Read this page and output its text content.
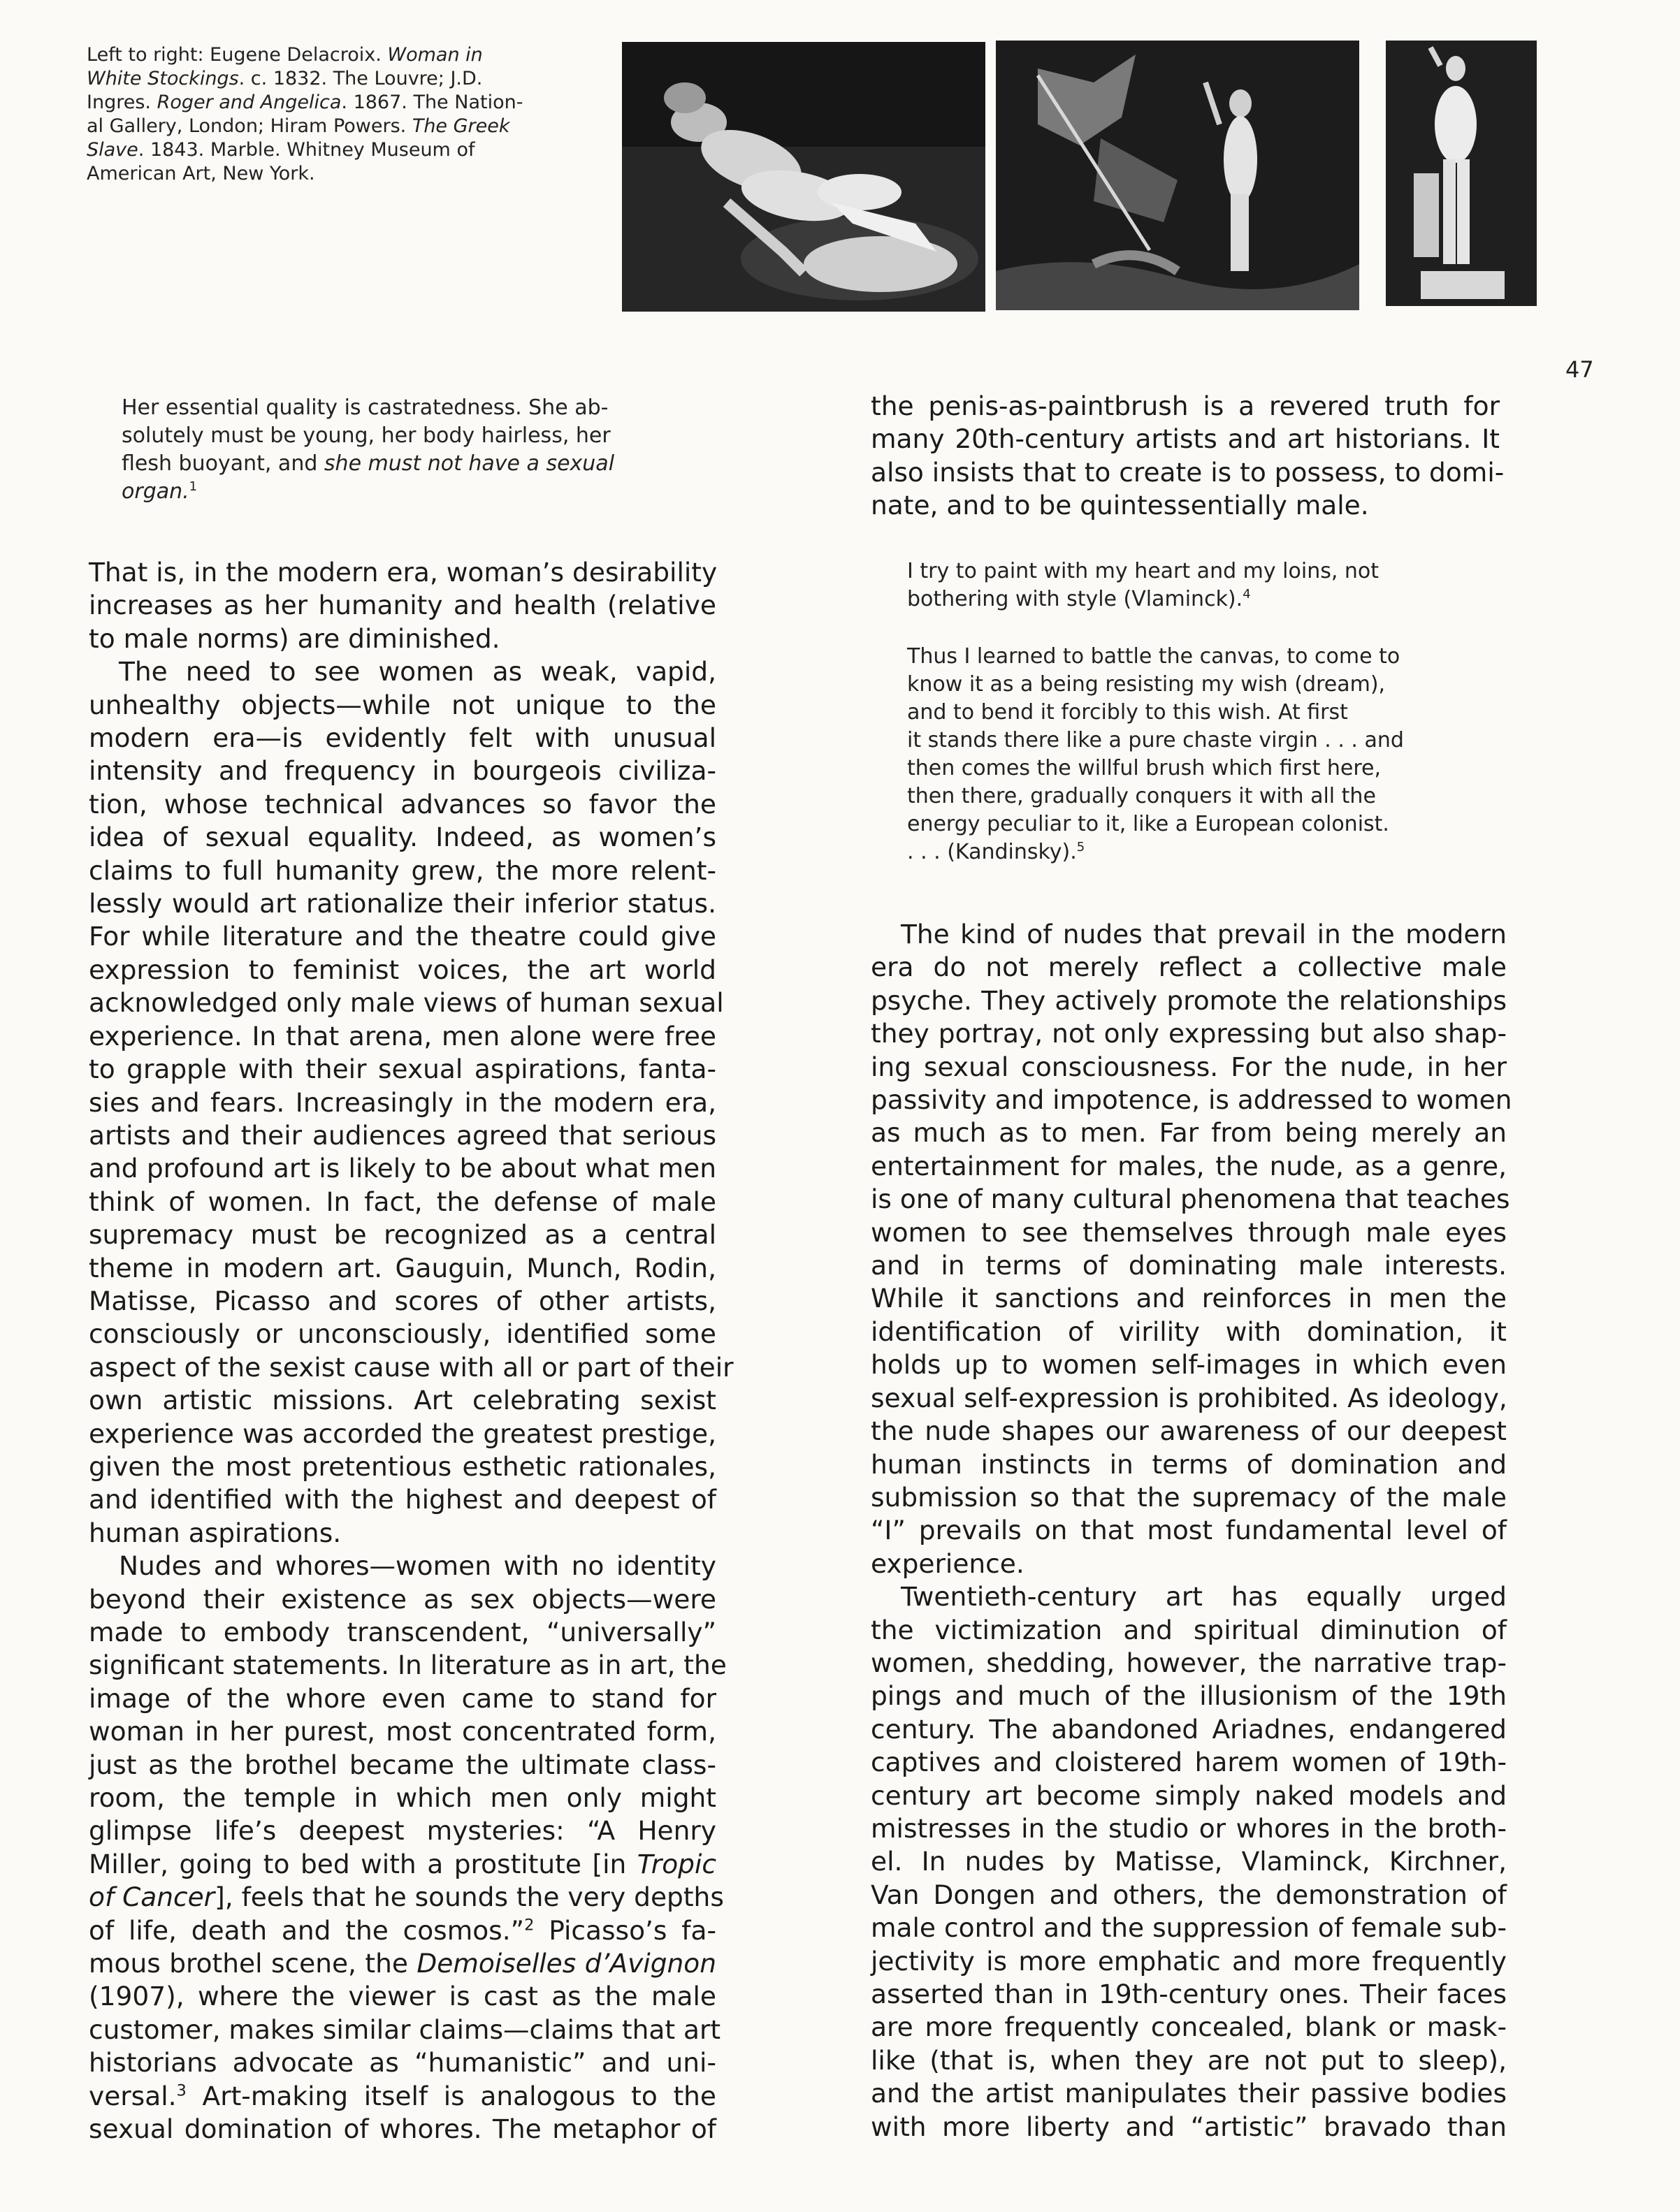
Left to right: Eugene Delacroix. Woman in
White Stockings. c. 1832. The Louvre; J.D.
Ingres. Roger and Angelica. 1867. The Nation-
al Gallery, London; Hiram Powers. The Greek
Slave. 1843. Marble. Whitney Museum of
American Art, New York.
47
Her essential quality is castratedness. She ab-
solutely must be young, her body hairless, her
flesh buoyant, and she must not have a sexual
organ.$^1$
That is, in the modern era, woman’s desirability
increases as her humanity and health (relative
to male norms) are diminished.
The need to see women as weak, vapid,
unhealthy objects—while not unique to the
modern era—is evidently felt with unusual
intensity and frequency in bourgeois civiliza-
tion, whose technical advances so favor the
idea of sexual equality. Indeed, as women’s
claims to full humanity grew, the more relent-
lessly would art rationalize their inferior status.
For while literature and the theatre could give
expression to feminist voices, the art world
acknowledged only male views of human sexual
experience. In that arena, men alone were free
to grapple with their sexual aspirations, fanta-
sies and fears. Increasingly in the modern era,
artists and their audiences agreed that serious
and profound art is likely to be about what men
think of women. In fact, the defense of male
supremacy must be recognized as a central
theme in modern art. Gauguin, Munch, Rodin,
Matisse, Picasso and scores of other artists,
consciously or unconsciously, identified some
aspect of the sexist cause with all or part of their
own artistic missions. Art celebrating sexist
experience was accorded the greatest prestige,
given the most pretentious esthetic rationales,
and identified with the highest and deepest of
human aspirations.
Nudes and whores—women with no identity
beyond their existence as sex objects—were
made to embody transcendent, “universally”
significant statements. In literature as in art, the
image of the whore even came to stand for
woman in her purest, most concentrated form,
just as the brothel became the ultimate class-
room, the temple in which men only might
glimpse life’s deepest mysteries: “A Henry
Miller, going to bed with a prostitute [in Tropic
of Cancer], feels that he sounds the very depths
of life, death and the cosmos.”$^2$ Picasso’s fa-
mous brothel scene, the Demoiselles d’Avignon
(1907), where the viewer is cast as the male
customer, makes similar claims—claims that art
historians advocate as “humanistic” and uni-
versal.$^3$ Art-making itself is analogous to the
sexual domination of whores. The metaphor of
the penis-as-paintbrush is a revered truth for
many 20th-century artists and art historians. It
also insists that to create is to possess, to domi-
nate, and to be quintessentially male.
I try to paint with my heart and my loins, not
bothering with style (Vlaminck).$^4$
Thus I learned to battle the canvas, to come to
know it as a being resisting my wish (dream),
and to bend it forcibly to this wish. At first
it stands there like a pure chaste virgin . . . and
then comes the willful brush which first here,
then there, gradually conquers it with all the
energy peculiar to it, like a European colonist.
. . . (Kandinsky).$^5$
The kind of nudes that prevail in the modern
era do not merely reflect a collective male
psyche. They actively promote the relationships
they portray, not only expressing but also shap-
ing sexual consciousness. For the nude, in her
passivity and impotence, is addressed to women
as much as to men. Far from being merely an
entertainment for males, the nude, as a genre,
is one of many cultural phenomena that teaches
women to see themselves through male eyes
and in terms of dominating male interests.
While it sanctions and reinforces in men the
identification of virility with domination, it
holds up to women self-images in which even
sexual self-expression is prohibited. As ideology,
the nude shapes our awareness of our deepest
human instincts in terms of domination and
submission so that the supremacy of the male
“I” prevails on that most fundamental level of
experience.
Twentieth-century art has equally urged
the victimization and spiritual diminution of
women, shedding, however, the narrative trap-
pings and much of the illusionism of the 19th
century. The abandoned Ariadnes, endangered
captives and cloistered harem women of 19th-
century art become simply naked models and
mistresses in the studio or whores in the broth-
el. In nudes by Matisse, Vlaminck, Kirchner,
Van Dongen and others, the demonstration of
male control and the suppression of female sub-
jectivity is more emphatic and more frequently
asserted than in 19th-century ones. Their faces
are more frequently concealed, blank or mask-
like (that is, when they are not put to sleep),
and the artist manipulates their passive bodies
with more liberty and “artistic” bravado than
